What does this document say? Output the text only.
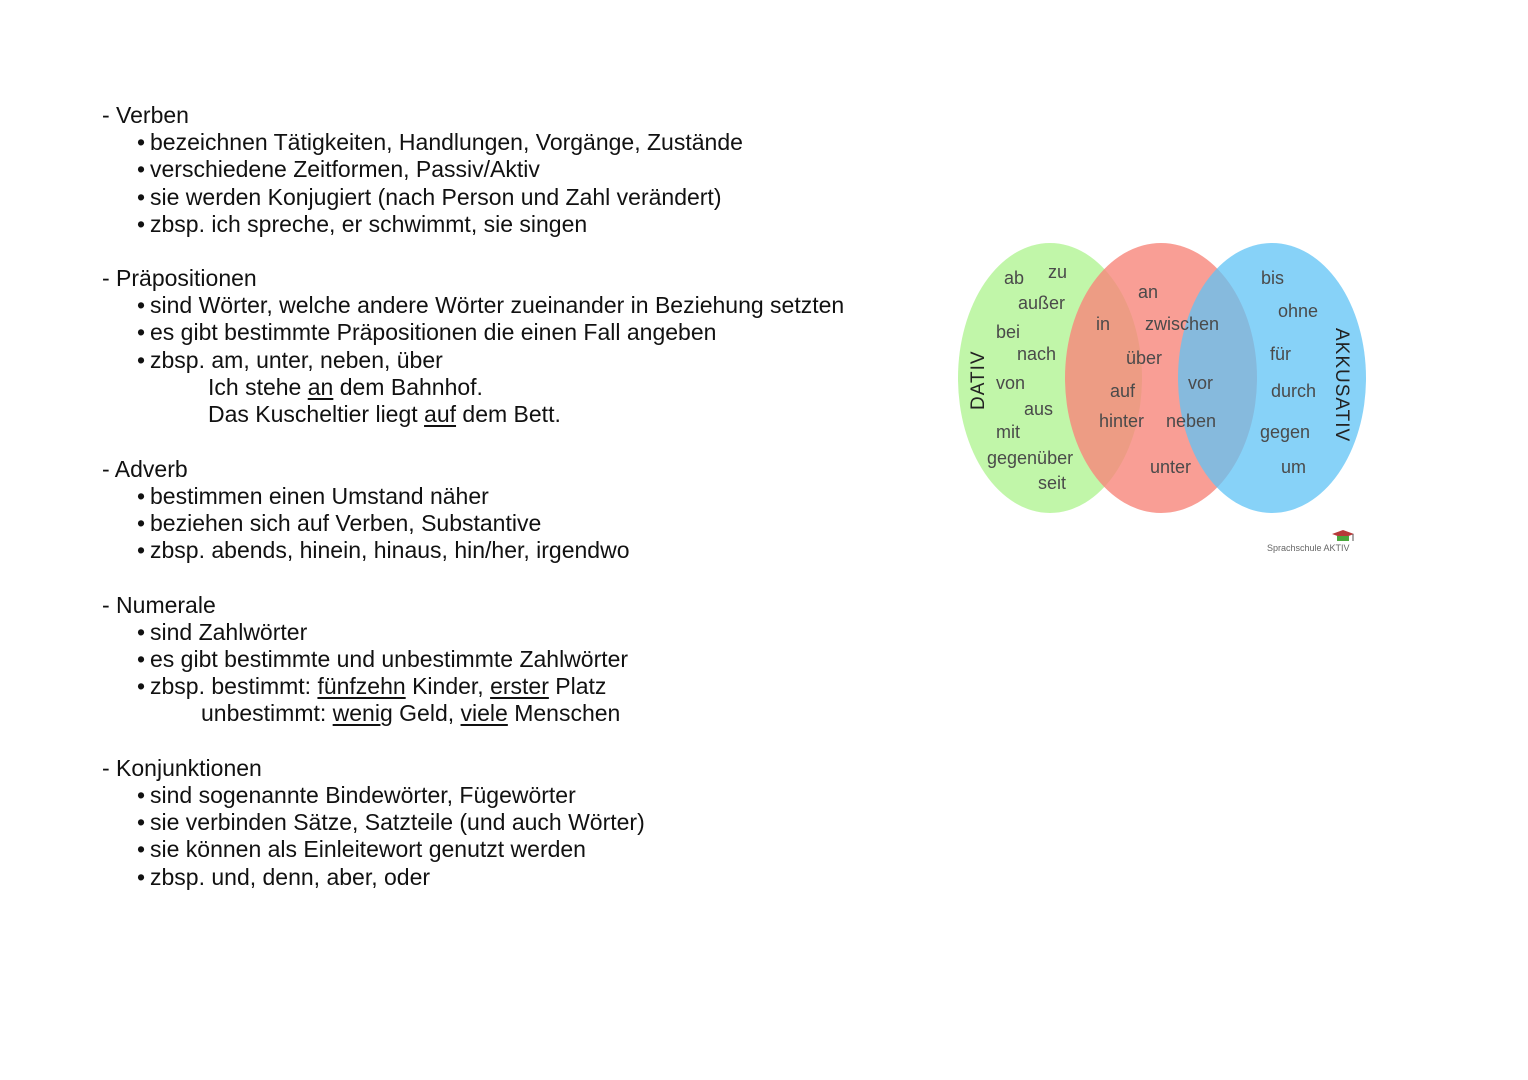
- Verben
• bezeichnen Tätigkeiten, Handlungen, Vorgänge, Zustände
• verschiedene Zeitformen, Passiv/Aktiv
• sie werden Konjugiert (nach Person und Zahl verändert)
• zbsp. ich spreche, er schwimmt, sie singen
- Präpositionen
• sind Wörter, welche andere Wörter zueinander in Beziehung setzten
• es gibt bestimmte Präpositionen die einen Fall angeben
• zbsp. am, unter, neben, über
Ich stehe an dem Bahnhof.
Das Kuscheltier liegt auf dem Bett.
- Adverb
• bestimmen einen Umstand näher
• beziehen sich auf Verben, Substantive
• zbsp. abends, hinein, hinaus, hin/her, irgendwo
- Numerale
• sind Zahlwörter
• es gibt bestimmte und unbestimmte Zahlwörter
• zbsp. bestimmt: fünfzehn Kinder, erster Platz
unbestimmt: wenig Geld, viele Menschen
- Konjunktionen
• sind sogenannte Bindewörter, Fügewörter
• sie verbinden Sätze, Satzteile (und auch Wörter)
• sie können als Einleitewort genutzt werden
• zbsp. und, denn, aber, oder
DATIV	AKKUSATIV
ab zu
außer
bei
nach
von
aus
mit
gegenüber
seit
an
in zwischen
über
auf	vor
hinter neben
unter
bis
ohne
für
durch
gegen
um
Sprachschule AKTIV
